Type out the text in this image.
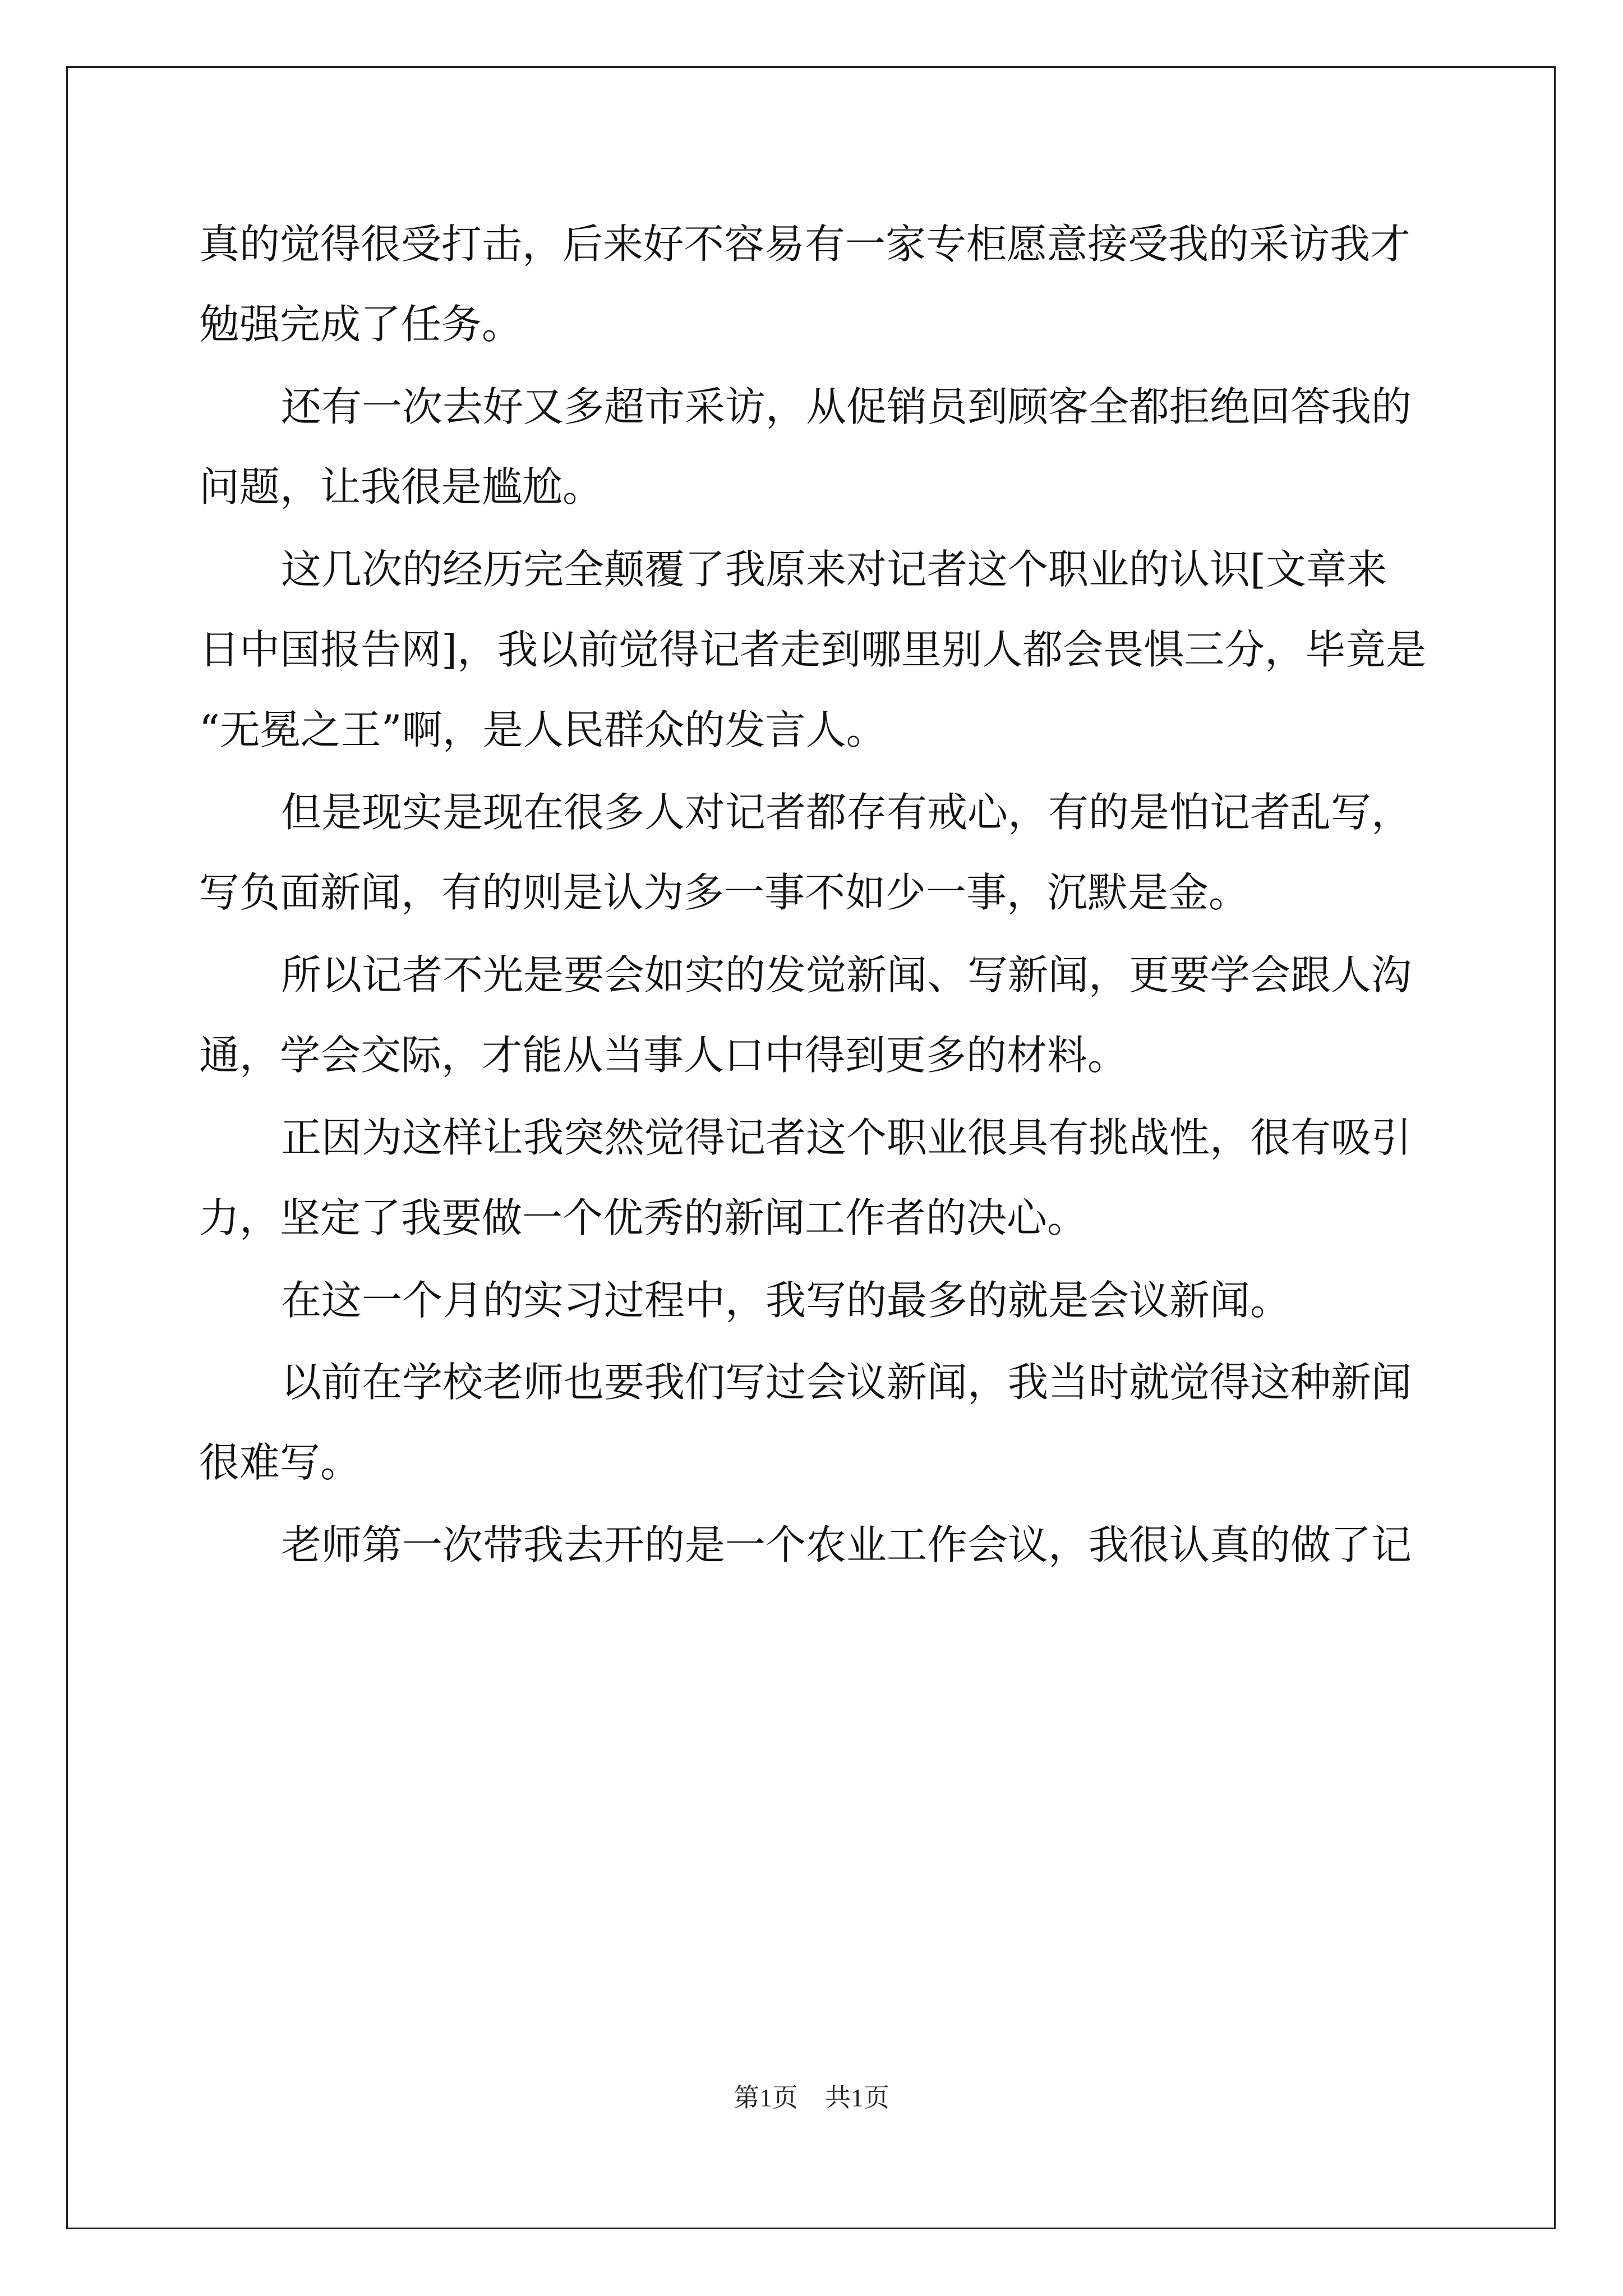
真的觉得很受打击，后来好不容易有一家专柜愿意接受我的采访我才
勉强完成了任务。
还有一次去好又多超市采访，从促销员到顾客全都拒绝回答我的
问题，让我很是尴尬。
这几次的经历完全颠覆了我原来对记者这个职业的认识[文章来
日中国报告网]，我以前觉得记者走到哪里别人都会畏惧三分，毕竟是
“无冕之王”啊，是人民群众的发言人。
但是现实是现在很多人对记者都存有戒心，有的是怕记者乱写，
写负面新闻，有的则是认为多一事不如少一事，沉默是金。
所以记者不光是要会如实的发觉新闻、写新闻，更要学会跟人沟
通，学会交际，才能从当事人口中得到更多的材料。
正因为这样让我突然觉得记者这个职业很具有挑战性，很有吸引
力，坚定了我要做一个优秀的新闻工作者的决心。
在这一个月的实习过程中，我写的最多的就是会议新闻。
以前在学校老师也要我们写过会议新闻，我当时就觉得这种新闻
很难写。
老师第一次带我去开的是一个农业工作会议，我很认真的做了记
第1页 共1页
